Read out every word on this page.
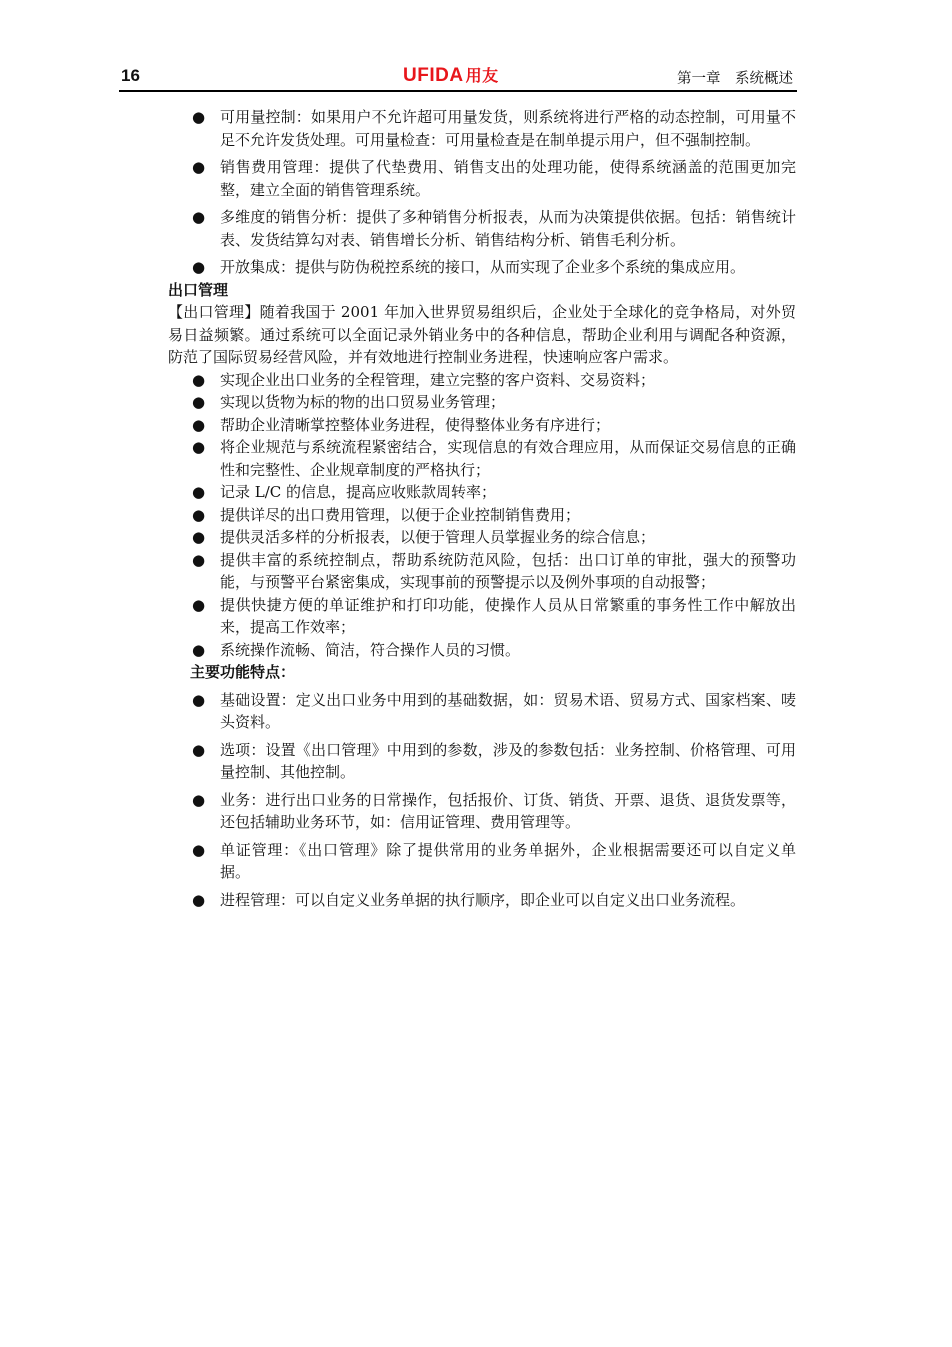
16	UFIDA 用友	第一章　系统概述

● 可用量控制：如果用户不允许超可用量发货，则系统将进行严格的动态控制，可用量不足不允许发货处理。可用量检查：可用量检查是在制单提示用户，但不强制控制。

● 销售费用管理：提供了代垫费用、销售支出的处理功能，使得系统涵盖的范围更加完整，建立全面的销售管理系统。

● 多维度的销售分析：提供了多种销售分析报表，从而为决策提供依据。包括：销售统计表、发货结算勾对表、销售增长分析、销售结构分析、销售毛利分析。

● 开放集成：提供与防伪税控系统的接口，从而实现了企业多个系统的集成应用。

出口管理

【出口管理】随着我国于 2001 年加入世界贸易组织后，企业处于全球化的竞争格局，对外贸易日益频繁。通过系统可以全面记录外销业务中的各种信息，帮助企业利用与调配各种资源，防范了国际贸易经营风险，并有效地进行控制业务进程，快速响应客户需求。

● 实现企业出口业务的全程管理，建立完整的客户资料、交易资料；

● 实现以货物为标的物的出口贸易业务管理；

● 帮助企业清晰掌控整体业务进程，使得整体业务有序进行；

● 将企业规范与系统流程紧密结合，实现信息的有效合理应用，从而保证交易信息的正确性和完整性、企业规章制度的严格执行；

● 记录 L/C 的信息，提高应收账款周转率；

● 提供详尽的出口费用管理，以便于企业控制销售费用；

● 提供灵活多样的分析报表，以便于管理人员掌握业务的综合信息；

● 提供丰富的系统控制点，帮助系统防范风险，包括：出口订单的审批，强大的预警功能，与预警平台紧密集成，实现事前的预警提示以及例外事项的自动报警；

● 提供快捷方便的单证维护和打印功能，使操作人员从日常繁重的事务性工作中解放出来，提高工作效率；

● 系统操作流畅、简洁，符合操作人员的习惯。

主要功能特点：

● 基础设置：定义出口业务中用到的基础数据，如：贸易术语、贸易方式、国家档案、唛头资料。

● 选项：设置《出口管理》中用到的参数，涉及的参数包括：业务控制、价格管理、可用量控制、其他控制。

● 业务：进行出口业务的日常操作，包括报价、订货、销货、开票、退货、退货发票等，还包括辅助业务环节，如：信用证管理、费用管理等。

● 单证管理：《出口管理》除了提供常用的业务单据外，企业根据需要还可以自定义单据。

● 进程管理：可以自定义业务单据的执行顺序，即企业可以自定义出口业务流程。
